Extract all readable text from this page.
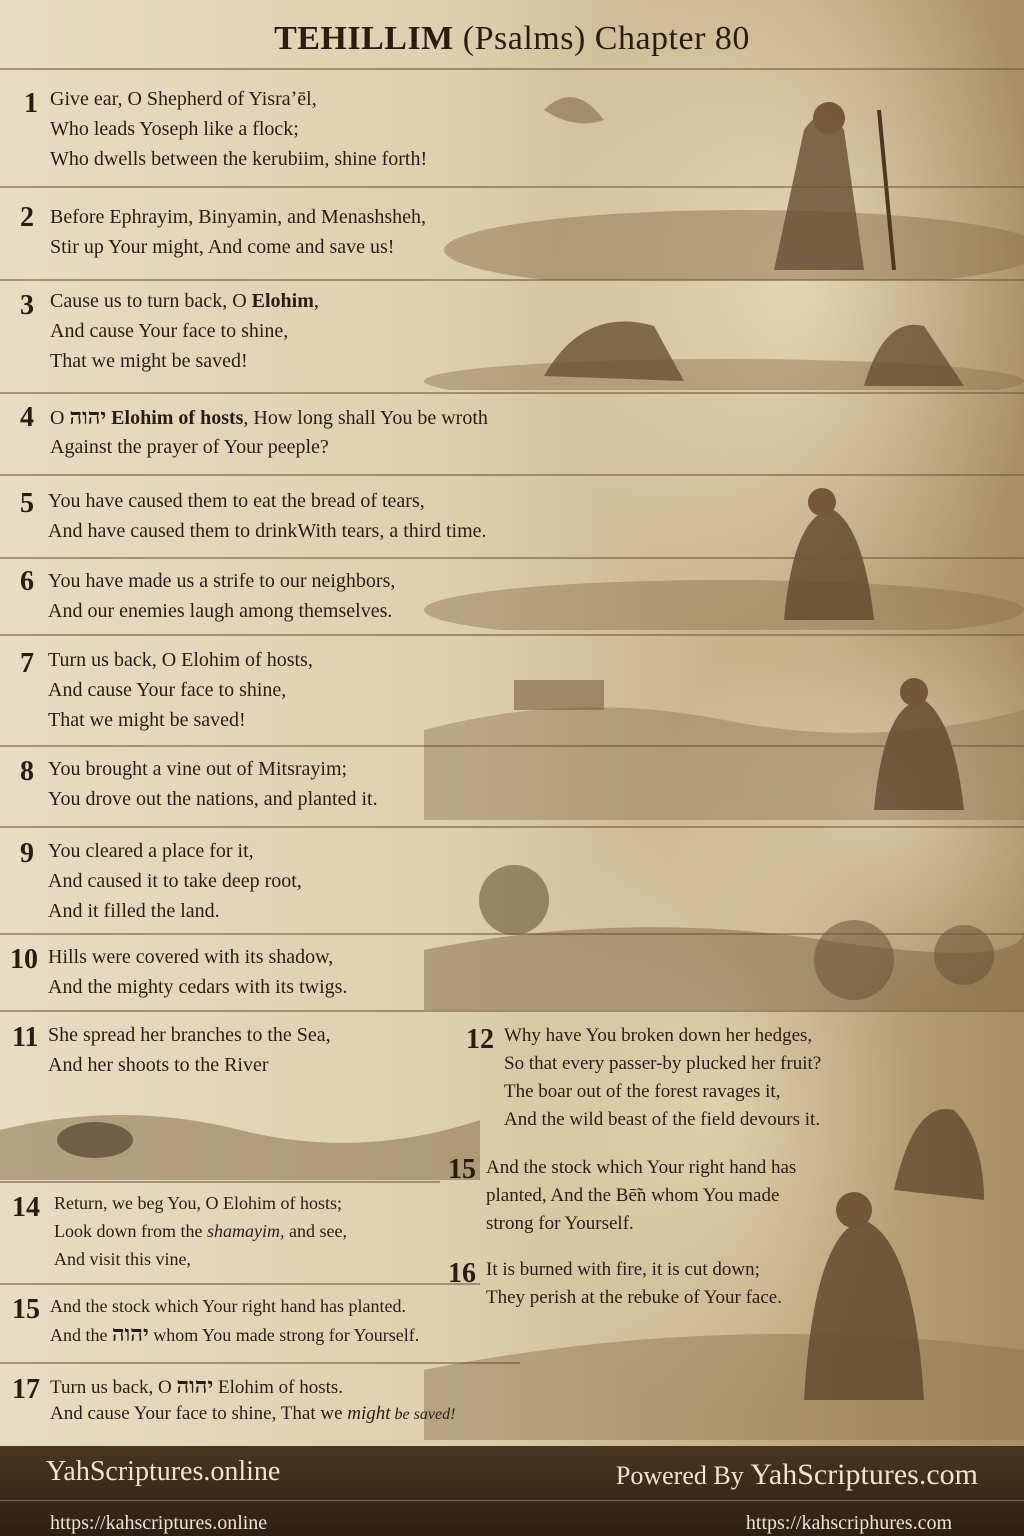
TEHILLIM (Psalms) Chapter 80
1 Give ear, O Shepherd of Yisraʼēl,
Who leads Yoseph like a flock;
Who dwells between the kerubiim, shine forth!
2 Before Ephrayim, Binyamin, and Menashsheh,
Stir up Your might, And come and save us!
3 Cause us to turn back, O Elohim,
And cause Your face to shine,
That we might be saved!
4 O יהוה Elohim of hosts, How long shall You be wroth
Against the prayer of Your peeple?
5 You have caused them to eat the bread of tears,
And have caused them to drinkWith tears, a third time.
6 You have made us a strife to our neighbors,
And our enemies laugh among themselves.
7 Turn us back, O Elohim of hosts,
And cause Your face to shine,
That we might be saved!
8 You brought a vine out of Mitsrayim;
You drove out the nations, and planted it.
9 You cleared a place for it,
And caused it to take deep root,
And it filled the land.
10 Hills were covered with its shadow,
And the mighty cedars with its twigs.
11 She spread her branches to the Sea,
And her shoots to the River
12 Why have You broken down her hedges,
So that every passer-by plucked her fruit?
The boar out of the forest ravages it,
And the wild beast of the field devours it.
15 And the stock which Your right hand has
planted, And the Bē̃n whom You made
strong for Yourself.
14 Return, we beg You, O Elohim of hosts;
Look down from the shamayim, and see,
And visit this vine,	16 It is burned with fire, it is cut down;
They perish at the rebuke of Your face.
15 And the stock which Your right hand has planted.
And the יהוה whom You made strong for Yourself.
17 Turn us back, O יהוה Elohim of hosts.
And cause Your face to shine, That we might be saved!
YahScriptures.online	Powered By YahScriptures.com
https://kahscriptures.online	https://kahscriphures.com
